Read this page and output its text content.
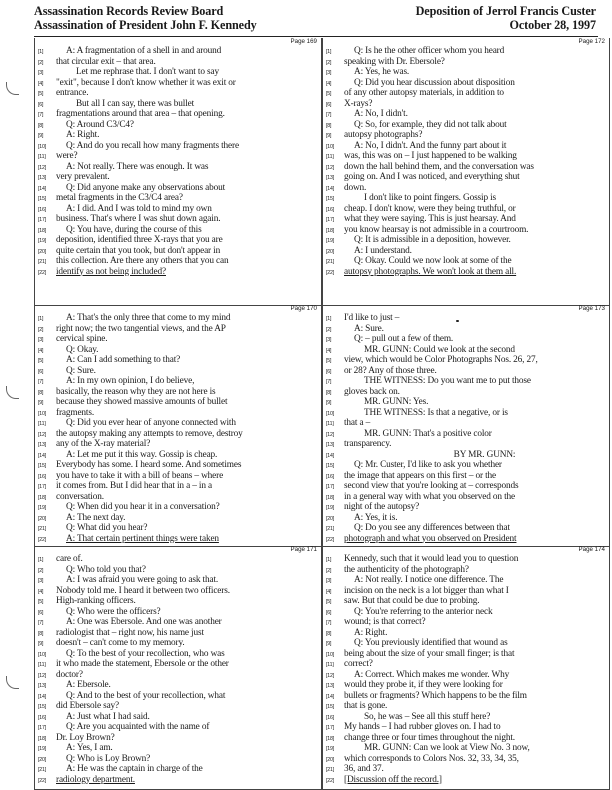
Assassination Records Review Board
Assassination of President John F. Kennedy
Deposition of Jerrol Francis Custer
October 28, 1997
Page 169
[1]	A: A fragmentation of a shell in and around
[2] that circular exit – that area.
[3]	Let me rephrase that. I don't want to say
[4] "exit", because I don't know whether it was exit or
[5] entrance.
[6]	But all I can say, there was bullet
[7] fragmentations around that area – that opening.
[8]	Q: Around C3/C4?
[9]	A: Right.
[10]	Q: And do you recall how many fragments there
[11] were?
[12]	A: Not really. There was enough. It was
[13] very prevalent.
[14]	Q: Did anyone make any observations about
[15] metal fragments in the C3/C4 area?
[16]	A: I did. And I was told to mind my own
[17] business. That's where I was shut down again.
[18]	Q: You have, during the course of this
[19] deposition, identified three X-rays that you are
[20] quite certain that you took, but don't appear in
[21] this collection. Are there any others that you can
[22] identify as not being included?
Page 172
[1]	Q: Is he the other officer whom you heard
[2] speaking with Dr. Ebersole?
[3]	A: Yes, he was.
[4]	Q: Did you hear discussion about disposition
[5] of any other autopsy materials, in addition to
[6] X-rays?
[7]	A: No, I didn't.
[8]	Q: So, for example, they did not talk about
[9] autopsy photographs?
[10]	A: No, I didn't. And the funny part about it
[11] was, this was on – I just happened to be walking
[12] down the hall behind them, and the conversation was
[13] going on. And I was noticed, and everything shut
[14] down.
[15]	I don't like to point fingers. Gossip is
[16] cheap. I don't know, were they being truthful, or
[17] what they were saying. This is just hearsay. And
[18] you know hearsay is not admissible in a courtroom.
[19]	Q: It is admissible in a deposition, however.
[20]	A: I understand.
[21]	Q: Okay. Could we now look at some of the
[22] autopsy photographs. We won't look at them all.
Page 170
[1]	A: That's the only three that come to my mind
[2] right now; the two tangential views, and the AP
[3] cervical spine.
[4]	Q: Okay.
[5]	A: Can I add something to that?
[6]	Q: Sure.
[7]	A: In my own opinion, I do believe,
[8] basically, the reason why they are not here is
[9] because they showed massive amounts of bullet
[10] fragments.
[11]	Q: Did you ever hear of anyone connected with
[12] the autopsy making any attempts to remove, destroy
[13] any of the X-ray material?
[14]	A: Let me put it this way. Gossip is cheap.
[15] Everybody has some. I heard some. And sometimes
[16] you have to take it with a bill of beans – where
[17] it comes from. But I did hear that in a – in a
[18] conversation.
[19]	Q: When did you hear it in a conversation?
[20]	A: The next day.
[21]	Q: What did you hear?
[22]	A: That certain pertinent things were taken
Page 173
[1] I'd like to just –
[2]	A: Sure.
[3]	Q: – pull out a few of them.
[4]	MR. GUNN: Could we look at the second
[5] view, which would be Color Photographs Nos. 26, 27,
[6] or 28? Any of those three.
[7]	THE WITNESS: Do you want me to put those
[8] gloves back on.
[9]	MR. GUNN: Yes.
[10]	THE WITNESS: Is that a negative, or is
[11] that a –
[12]	MR. GUNN: That's a positive color
[13] transparency.
[14]	BY MR. GUNN:
[15]	Q: Mr. Custer, I'd like to ask you whether
[16] the image that appears on this first – or the
[17] second view that you're looking at – corresponds
[18] in a general way with what you observed on the
[19] night of the autopsy?
[20]	A: Yes, it is.
[21]	Q: Do you see any differences between that
[22] photograph and what you observed on President
Page 171
[1] care of.
[2]	Q: Who told you that?
[3]	A: I was afraid you were going to ask that.
[4] Nobody told me. I heard it between two officers.
[5] High-ranking officers.
[6]	Q: Who were the officers?
[7]	A: One was Ebersole. And one was another
[8] radiologist that – right now, his name just
[9] doesn't – can't come to my memory.
[10]	Q: To the best of your recollection, who was
[11] it who made the statement, Ebersole or the other
[12] doctor?
[13]	A: Ebersole.
[14]	Q: And to the best of your recollection, what
[15] did Ebersole say?
[16]	A: Just what I had said.
[17]	Q: Are you acquainted with the name of
[18] Dr. Loy Brown?
[19]	A: Yes, I am.
[20]	Q: Who is Loy Brown?
[21]	A: He was the captain in charge of the
[22] radiology department.
Page 174
[1] Kennedy, such that it would lead you to question
[2] the authenticity of the photograph?
[3]	A: Not really. I notice one difference. The
[4] incision on the neck is a lot bigger than what I
[5] saw. But that could be due to probing.
[6]	Q: You're referring to the anterior neck
[7] wound; is that correct?
[8]	A: Right.
[9]	Q: You previously identified that wound as
[10] being about the size of your small finger; is that
[11] correct?
[12]	A: Correct. Which makes me wonder. Why
[13] would they probe it, if they were looking for
[14] bullets or fragments? Which happens to be the film
[15] that is gone.
[16]	So, he was – See all this stuff here?
[17] My hands – I had rubber gloves on. I had to
[18] change three or four times throughout the night.
[19]	MR. GUNN: Can we look at View No. 3 now,
[20] which corresponds to Colors Nos. 32, 33, 34, 35,
[21] 36, and 37.
[22] [Discussion off the record.]
